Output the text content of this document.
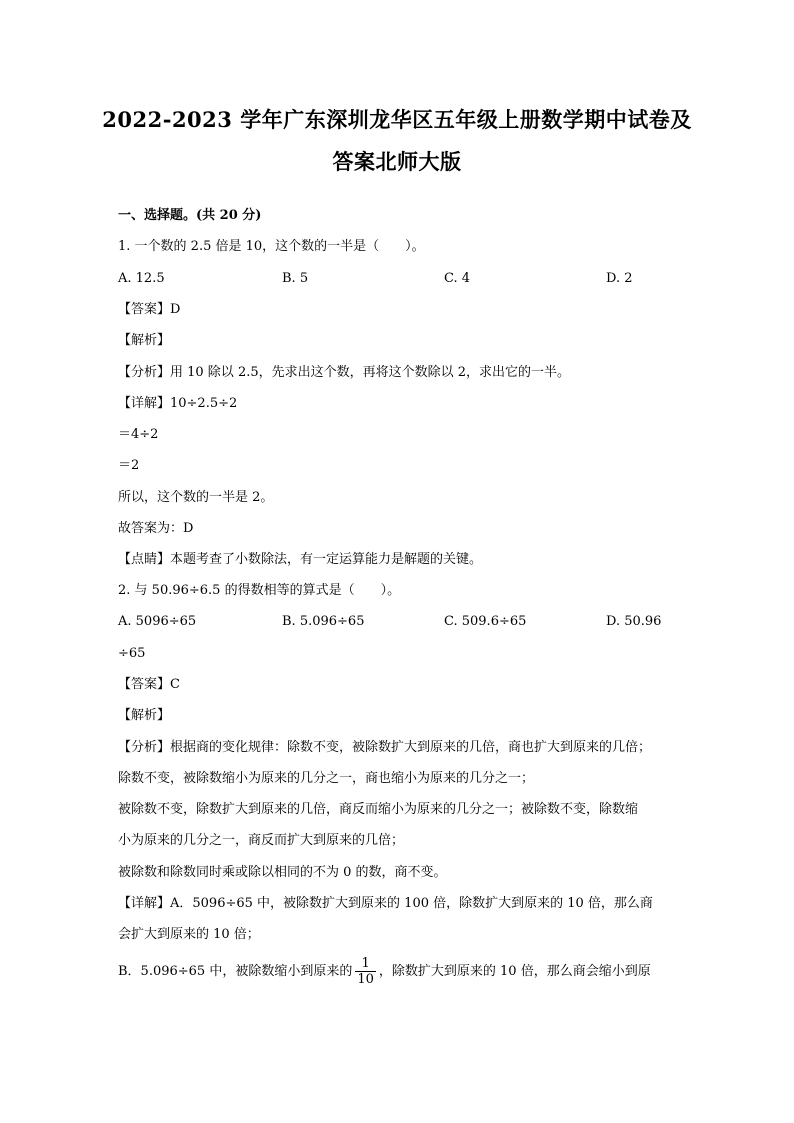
2022-2023 学年广东深圳龙华区五年级上册数学期中试卷及
答案北师大版
一、选择题。(共 20 分)
1. 一个数的 2.5 倍是 10，这个数的一半是（　　）。
A. 12.5	B. 5	C. 4	D. 2
【答案】D
【解析】
【分析】用 10 除以 2.5，先求出这个数，再将这个数除以 2，求出它的一半。
【详解】10÷2.5÷2
＝4÷2
＝2
所以，这个数的一半是 2。
故答案为：D
【点睛】本题考查了小数除法，有一定运算能力是解题的关键。
2. 与 50.96÷6.5 的得数相等的算式是（　　）。
A. 5096÷65	B. 5.096÷65	C. 509.6÷65	D. 50.96
÷65
【答案】C
【解析】
【分析】根据商的变化规律：除数不变，被除数扩大到原来的几倍，商也扩大到原来的几倍；
除数不变，被除数缩小为原来的几分之一，商也缩小为原来的几分之一；
被除数不变，除数扩大到原来的几倍，商反而缩小为原来的几分之一；被除数不变，除数缩
小为原来的几分之一，商反而扩大到原来的几倍；
被除数和除数同时乘或除以相同的不为 0 的数，商不变。
【详解】A．5096÷65 中，被除数扩大到原来的 100 倍，除数扩大到原来的 10 倍，那么商
会扩大到原来的 10 倍；
B．5.096÷65 中，被除数缩小到原来的 $\frac{1}{10}$ ，除数扩大到原来的 10 倍，那么商会缩小到原
